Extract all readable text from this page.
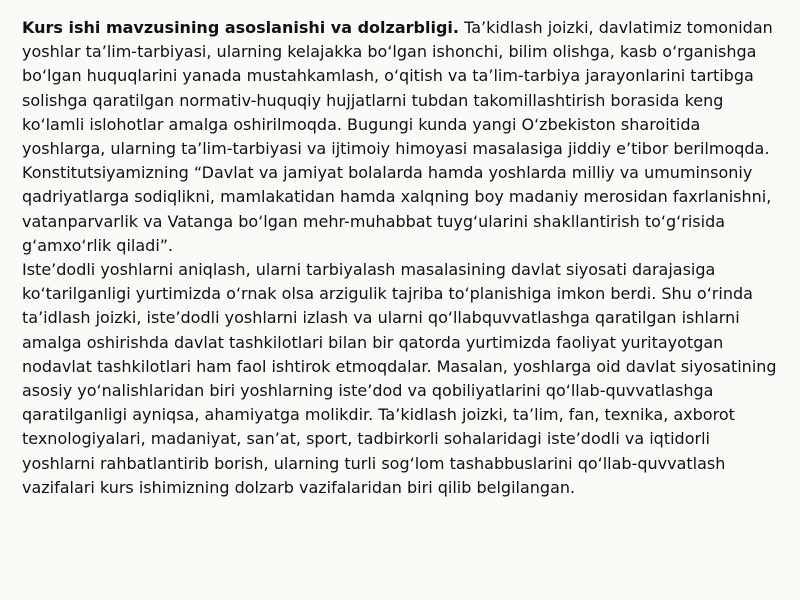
Kurs ishi mavzusining asoslanishi va dolzarbligi. Ta’kidlash joizki, davlatimiz tomonidan yoshlar ta’lim-tarbiyasi, ularning kelajakka bo‘lgan ishonchi, bilim olishga, kasb o‘rganishga bo‘lgan huquqlarini yanada mustahkamlash, o‘qitish va ta’lim-tarbiya jarayonlarini tartibga solishga qaratilgan normativ-huquqiy hujjatlarni tubdan takomillashtirish borasida keng ko‘lamli islohotlar amalga oshirilmoqda. Bugungi kunda yangi O‘zbekiston sharoitida yoshlarga, ularning ta’lim-tarbiyasi va ijtimoiy himoyasi masalasiga jiddiy e’tibor berilmoqda.

Konstitutsiyamizning “Davlat va jamiyat bolalarda hamda yoshlarda milliy va umuminsoniy qadriyatlarga sodiqlikni, mamlakatidan hamda xalqning boy madaniy merosidan faxrlanishni, vatanparvarlik va Vatanga bo‘lgan mehr-muhabbat tuyg‘ularini shakllantirish to‘g‘risida g‘amxo‘rlik qiladi”.

Iste’dodli yoshlarni aniqlash, ularni tarbiyalash masalasining davlat siyosati darajasiga ko‘tarilganligi yurtimizda o‘rnak olsa arzigulik tajriba to‘planishiga imkon berdi. Shu o‘rinda ta’idlash joizki, iste’dodli yoshlarni izlash va ularni qo‘llabquvvatlashga qaratilgan ishlarni amalga oshirishda davlat tashkilotlari bilan bir qatorda yurtimizda faoliyat yuritayotgan nodavlat tashkilotlari ham faol ishtirok etmoqdalar. Masalan, yoshlarga oid davlat siyosatining asosiy yo‘nalishlaridan biri yoshlarning iste’dod va qobiliyatlarini qo‘llab-quvvatlashga qaratilganligi ayniqsa, ahamiyatga molikdir. Ta’kidlash joizki, ta’lim, fan, texnika, axborot texnologiyalari, madaniyat, san’at, sport, tadbirkorli sohalaridagi iste’dodli va iqtidorli yoshlarni rahbatlantirib borish, ularning turli sog‘lom tashabbuslarini qo‘llab-quvvatlash vazifalari kurs ishimizning dolzarb vazifalaridan biri qilib belgilangan.
